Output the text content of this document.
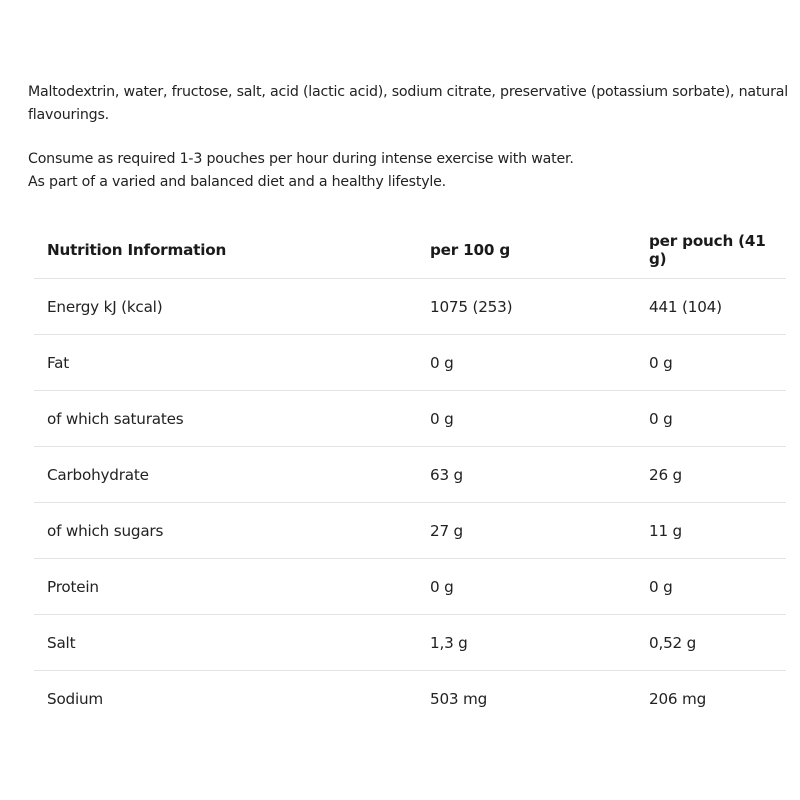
Maltodextrin, water, fructose, salt, acid (lactic acid), sodium citrate, preservative (potassium sorbate), natural flavourings.

Consume as required 1-3 pouches per hour during intense exercise with water.
As part of a varied and balanced diet and a healthy lifestyle.

Nutrition Information	per 100 g	per pouch (41 g)
Energy kJ (kcal)	1075 (253)	441 (104)
Fat	0 g	0 g
of which saturates	0 g	0 g
Carbohydrate	63 g	26 g
of which sugars	27 g	11 g
Protein	0 g	0 g
Salt	1,3 g	0,52 g
Sodium	503 mg	206 mg
